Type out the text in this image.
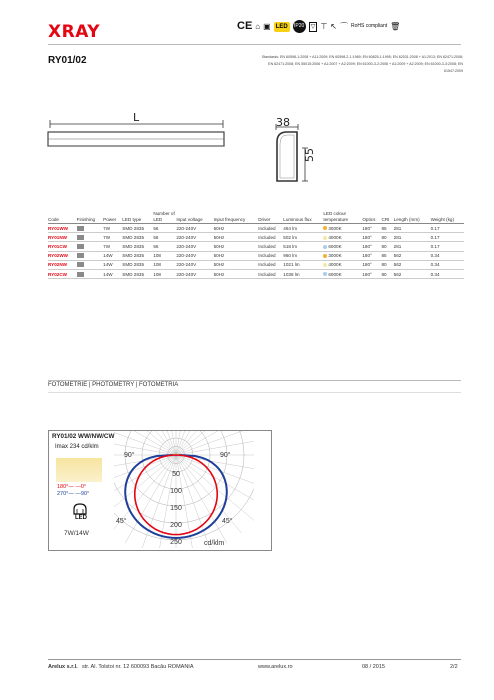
XRAY	CE ⌂ ▣ LED	IP20	▽ ⊤ ↖ ⌒ RoHS compliant 🗑
RY01/02	Standards: EN 60598-1:2008 + A11:2009; EN 60598-2-1:1989; EN 60825-1:1995; EN 62031:2008 + A1:2013; EN 62471:2008; EN 62471:2008; EN 55015:2006 + A1:2007 + A2:2009; EN 61000-3-2:2006 + A1:2009 + A2:2009; EN 61000-3-3:2008; EN 61547:2009
L	38
55
Code	Finishing	Power	LED type	Number of LED	Input voltage	Input frequency	Driver	Luminous flux	LED colour temperature	Optics	CRI	Length (mm)	Weight (kg)
RY01WW		7W	SMD 2835	56	220-240V	50Hz	Included	464 lm	3000K	180°	85	281	0.17
RY01NW		7W	SMD 2835	56	220-240V	50Hz	Included	502 lm	4000K	180°	80	281	0.17
RY01CW		7W	SMD 2835	56	220-240V	50Hz	Included	518 lm	6000K	180°	80	281	0.17
RY02WW		14W	SMD 2835	108	220-240V	50Hz	Included	960 lm	3000K	180°	85	562	0.34
RY02NW		14W	SMD 2835	108	220-240V	50Hz	Included	1021 lm	4000K	180°	80	562	0.34
RY02CW		14W	SMD 2835	108	220-240V	50Hz	Included	1038 lm	6000K	180°	80	562	0.34
FOTOMETRIE | PHOTOMETRY | FOTOMETRIA
RY01/02 WW/NW/CW
Imax 234 cd/klm
180°— —0°
270°— —90°
LED
7W/14W
50
100
150
200
250
90°	90°
45°	45°
cd/klm
Arelux s.r.l. str. Al. Tolstoi nr. 12 600093 Bacău ROMANIA	www.arelux.ro	08 / 2015	2/2
